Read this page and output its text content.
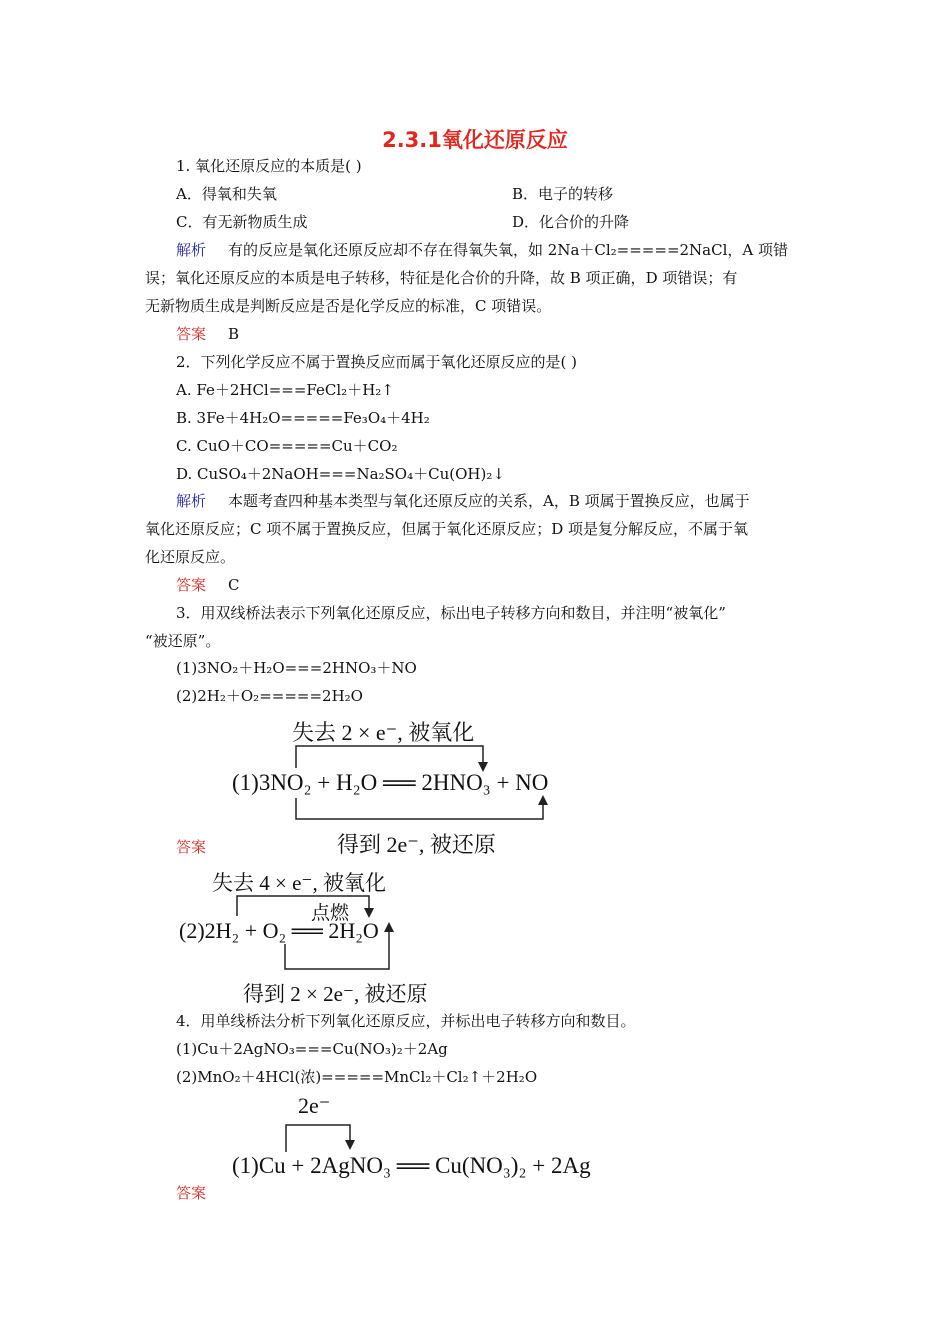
2.3.1氧化还原反应
1. 氧化还原反应的本质是( )
A．得氧和失氧	B．电子的转移
C．有无新物质生成	D．化合价的升降
解析 有的反应是氧化还原反应却不存在得氧失氧，如 2Na＋Cl₂=====2NaCl，A 项错
误；氧化还原反应的本质是电子转移，特征是化合价的升降，故 B 项正确，D 项错误；有
无新物质生成是判断反应是否是化学反应的标准，C 项错误。
答案 B
2．下列化学反应不属于置换反应而属于氧化还原反应的是( )
A. Fe＋2HCl===FeCl₂＋H₂↑
B. 3Fe＋4H₂O=====Fe₃O₄＋4H₂
C. CuO＋CO=====Cu＋CO₂
D. CuSO₄＋2NaOH===Na₂SO₄＋Cu(OH)₂↓
解析 本题考查四种基本类型与氧化还原反应的关系，A，B 项属于置换反应，也属于
氧化还原反应；C 项不属于置换反应，但属于氧化还原反应；D 项是复分解反应，不属于氧
化还原反应。
答案 C
3．用双线桥法表示下列氧化还原反应，标出电子转移方向和数目，并注明“被氧化”
“被还原”。
(1)3NO₂＋H₂O===2HNO₃＋NO
(2)2H₂＋O₂=====2H₂O
失去 2 × e⁻, 被氧化
(1)3NO₂ + H₂O ══ 2HNO₃ + NO
得到 2e⁻, 被还原
答案
失去 4 × e⁻, 被氧化
点燃
(2)2H₂ + O₂ ══ 2H₂O
得到 2 × 2e⁻, 被还原
4．用单线桥法分析下列氧化还原反应，并标出电子转移方向和数目。
(1)Cu＋2AgNO₃===Cu(NO₃)₂＋2Ag
(2)MnO₂＋4HCl(浓)=====MnCl₂＋Cl₂↑＋2H₂O
2e⁻
(1)Cu + 2AgNO₃ ══ Cu(NO₃)₂ + 2Ag
答案
